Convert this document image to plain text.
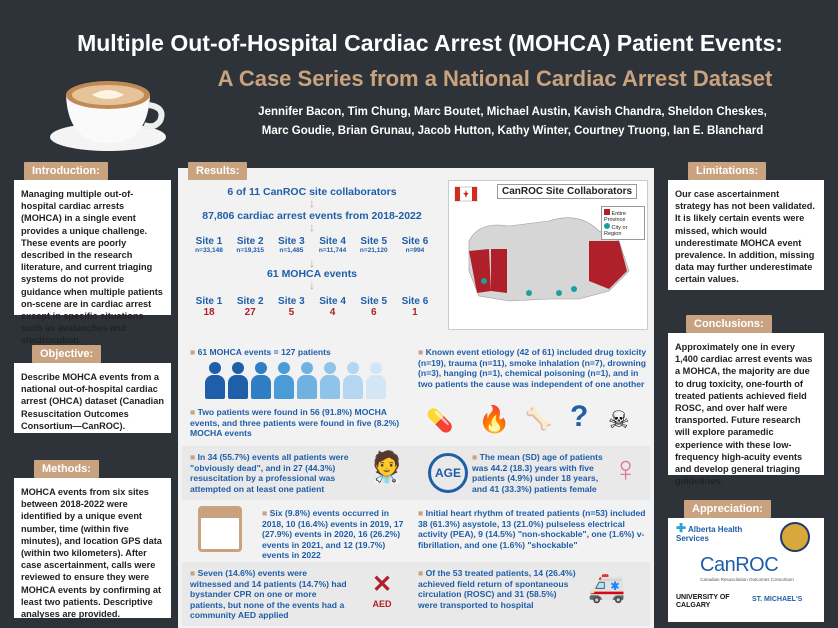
Multiple Out-of-Hospital Cardiac Arrest (MOHCA) Patient Events:
A Case Series from a National Cardiac Arrest Dataset
Jennifer Bacon, Tim Chung, Marc Boutet, Michael Austin, Kavish Chandra, Sheldon Cheskes,
Marc Goudie, Brian Grunau, Jacob Hutton, Kathy Winter, Courtney Truong, Ian E. Blanchard
Introduction:
Managing multiple out-of-hospital cardiac arrests (MOHCA) in a single event provides a unique challenge. These events are poorly described in the research literature, and current triaging systems do not provide guidance when multiple patients on-scene are in cardiac arrest except in specific situations such as avalanches and electrocution.
Objective:
Describe MOHCA events from a national out-of-hospital cardiac arrest (OHCA) dataset (Canadian Resuscitation Outcomes Consortium—CanROC).
Methods:
MOHCA events from six sites between 2018-2022 were identified by a unique event number, time (within five minutes), and location GPS data (within two kilometers). After case ascertainment, calls were reviewed to ensure they were MOHCA events by confirming at least two patients. Descriptive analyses are provided.
Results:
6 of 11 CanROC site collaborators
↓
87,806 cardiac arrest events from 2018-2022
↓
Site 1
n=33,148
Site 2
n=19,315
Site 3
n=1,485
Site 4
n=11,744
Site 5
n=21,120
Site 6
n=994
↓
61 MOHCA events
↓
Site 1
18
Site 2
27
Site 3
5
Site 4
4
Site 5
6
Site 6
1
CanROC Site Collaborators
Entire Province
City or Region
■ 61 MOHCA events = 127 patients
■ Two patients were found in 56 (91.8%) MOCHA events, and three patients were found in five (8.2%) MOCHA events
■ Known event etiology (42 of 61) included drug toxicity (n=19), trauma (n=11), smoke inhalation (n=7), drowning (n=3), hanging (n=1), chemical poisoning (n=1), and in two patients the cause was independent of one another
💊 🔥 🦴 ? ☠
■ In 34 (55.7%) events all patients were "obviously dead", and in 27 (44.3%) resuscitation by a professional was attempted on at least one patient
🧑‍⚕️	AGE
■ The mean (SD) age of patients was 44.2 (18.3) years with five patients (4.9%) under 18 years, and 41 (33.3%) patients female ♀
■ Six (9.8%) events occurred in 2018, 10 (16.4%) events in 2019, 17 (27.9%) events in 2020, 16 (26.2%) events in 2021, and 12 (19.7%) events in 2022
■ Initial heart rhythm of treated patients (n=53) included 38 (61.3%) asystole, 13 (21.0%) pulseless electrical activity (PEA), 9 (14.5%) "non-shockable", one (1.6%) v-fibrillation, and one (1.6%) "shockable"
■ Seven (14.6%) events were witnessed and 14 patients (14.7%) had bystander CPR on one or more patients, but none of the events had a community AED applied
✕
AED
■ Of the 53 treated patients, 14 (26.4%) achieved field return of spontaneous circulation (ROSC) and 31 (58.5%) were transported to hospital
🚑
Limitations:
Our case ascertainment strategy has not been validated. It is likely certain events were missed, which would underestimate MOHCA event prevalence. In addition, missing data may further underestimate certain values.
Conclusions:
Approximately one in every 1,400 cardiac arrest events was a MOHCA, the majority are due to drug toxicity, one-fourth of treated patients achieved field ROSC, and over half were transported. Future research will explore paramedic experience with these low-frequency high-acuity events and develop general triaging guidelines.
Appreciation:
✚ Alberta Health Services
CanROC
Canadian Resuscitation Outcomes Consortium
UNIVERSITY OF CALGARY
ST. MICHAEL'S
